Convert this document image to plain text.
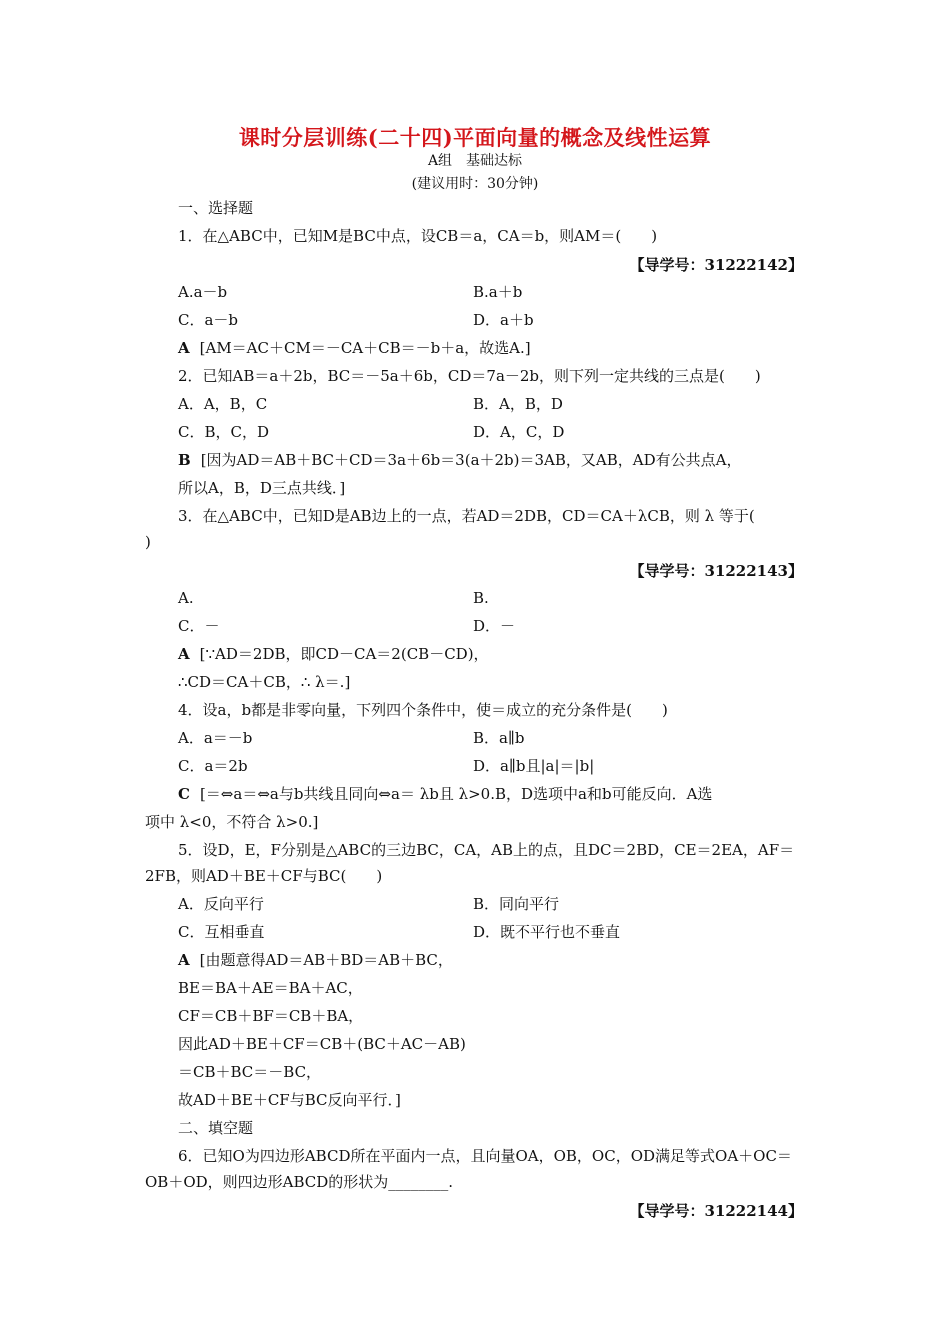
课时分层训练(二十四)平面向量的概念及线性运算
A组　基础达标
(建议用时：30分钟)
一、选择题
1．在△ABC中，已知M是BC中点，设CB＝a，CA＝b，则AM＝(　　)
【导学号：31222142】
A.a－b	B.a＋b
C．a－b	D．a＋b
A [AM＝AC＋CM＝－CA＋CB＝－b＋a，故选A.]
2．已知AB＝a＋2b，BC＝－5a＋6b，CD＝7a－2b，则下列一定共线的三点是(　　)
A．A，B，C	B．A，B，D
C．B，C，D	D．A，C，D
B [因为AD＝AB＋BC＋CD＝3a＋6b＝3(a＋2b)＝3AB，又AB，AD有公共点A，
所以A，B，D三点共线．]
3．在△ABC中，已知D是AB边上的一点，若AD＝2DB，CD＝CA＋λCB，则 λ 等于(
)
【导学号：31222143】
A.	B.
C．－	D．－
A [∵AD＝2DB，即CD－CA＝2(CB－CD)，
∴CD＝CA＋CB，∴ λ＝.]
4．设a，b都是非零向量，下列四个条件中，使＝成立的充分条件是(　　)
A．a＝－b	B．a∥b
C．a＝2b	D．a∥b且|a|＝|b|
C [＝⇔a＝⇔a与b共线且同向⇔a＝ λb且 λ>0.B，D选项中a和b可能反向．A选
项中 λ<0，不符合 λ>0.]
5．设D，E，F分别是△ABC的三边BC，CA，AB上的点，且DC＝2BD，CE＝2EA，AF＝
2FB，则AD＋BE＋CF与BC(　　)
A．反向平行	B．同向平行
C．互相垂直	D．既不平行也不垂直
A [由题意得AD＝AB＋BD＝AB＋BC，
BE＝BA＋AE＝BA＋AC，
CF＝CB＋BF＝CB＋BA，
因此AD＋BE＋CF＝CB＋(BC＋AC－AB)
＝CB＋BC＝－BC，
故AD＋BE＋CF与BC反向平行．]
二、填空题
6．已知O为四边形ABCD所在平面内一点，且向量OA，OB，OC，OD满足等式OA＋OC＝
OB＋OD，则四边形ABCD的形状为________.
【导学号：31222144】
